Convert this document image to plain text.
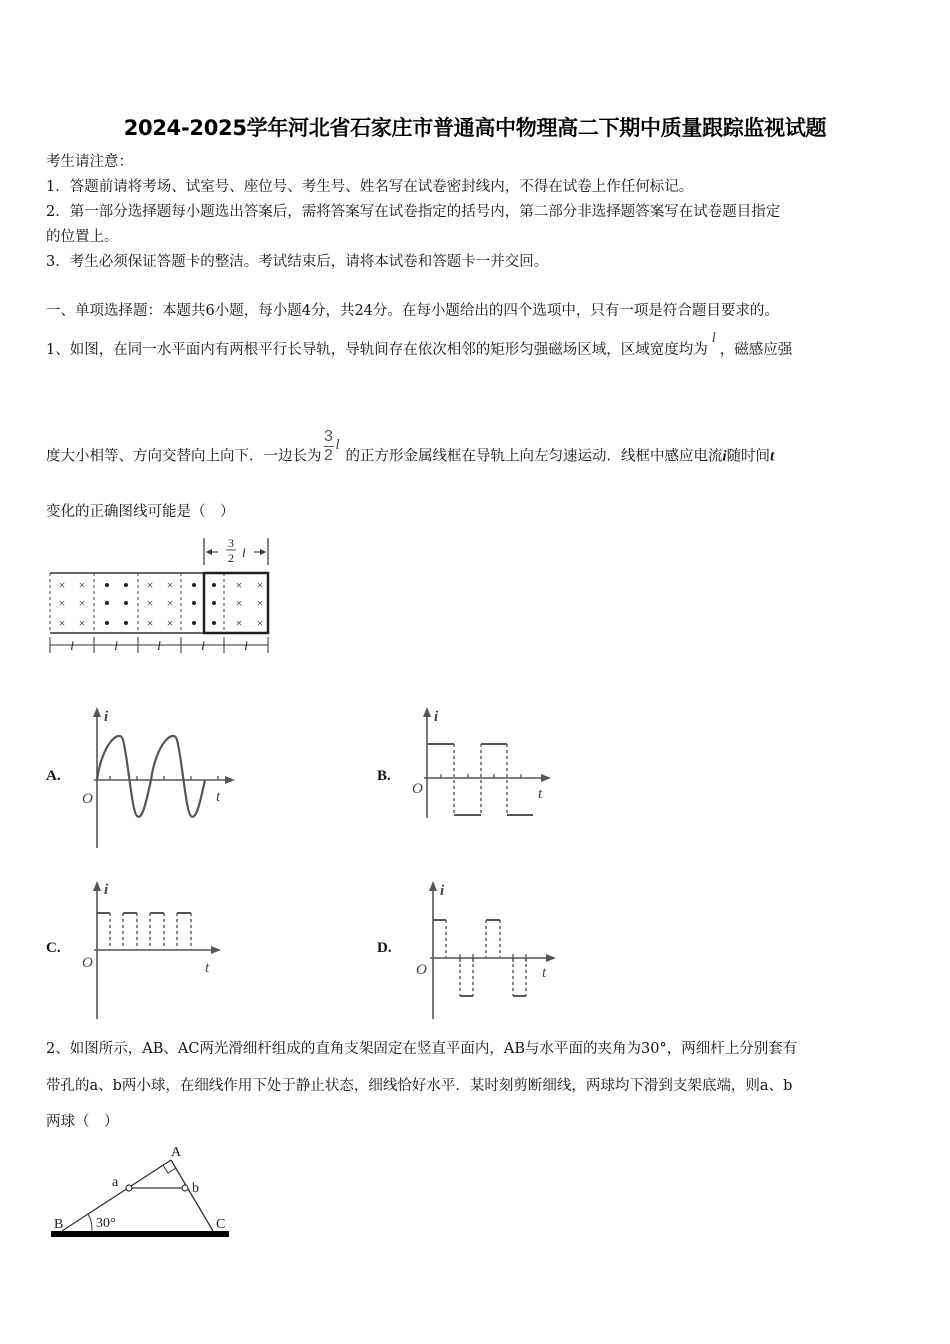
2024-2025学年河北省石家庄市普通高中物理高二下期中质量跟踪监视试题
考生请注意：
1．答题前请将考场、试室号、座位号、考生号、姓名写在试卷密封线内，不得在试卷上作任何标记。
2．第一部分选择题每小题选出答案后，需将答案写在试卷指定的括号内，第二部分非选择题答案写在试卷题目指定
的位置上。
3．考生必须保证答题卡的整洁。考试结束后，请将本试卷和答题卡一并交回。
一、单项选择题：本题共6小题，每小题4分，共24分。在每小题给出的四个选项中，只有一项是符合题目要求的。
1、如图，在同一水平面内有两根平行长导轨，导轨间存在依次相邻的矩形匀强磁场区域，区域宽度均为l，磁感应强
度大小相等、方向交替向上向下．一边长为 $\frac{3}{2}$ l的正方形金属线框在导轨上向左匀速运动．线框中感应电流i随时间t
变化的正确图线可能是（　）
3
2 l
× ×
× ×
× ×
× ×
× ×
× ×
× ×
× ×
× ×
l	l	l	l	l
A.
i
O	t
B.
i
O	t
C.
i
O	t
D.
i
O	t
2、如图所示，AB、AC两光滑细杆组成的直角支架固定在竖直平面内，AB与水平面的夹角为30°，两细杆上分别套有
带孔的a、b两小球，在细线作用下处于静止状态，细线恰好水平．某时刻剪断细线，两球均下滑到支架底端，则a、b
两球（　）
A
B	C
a	b
30°
